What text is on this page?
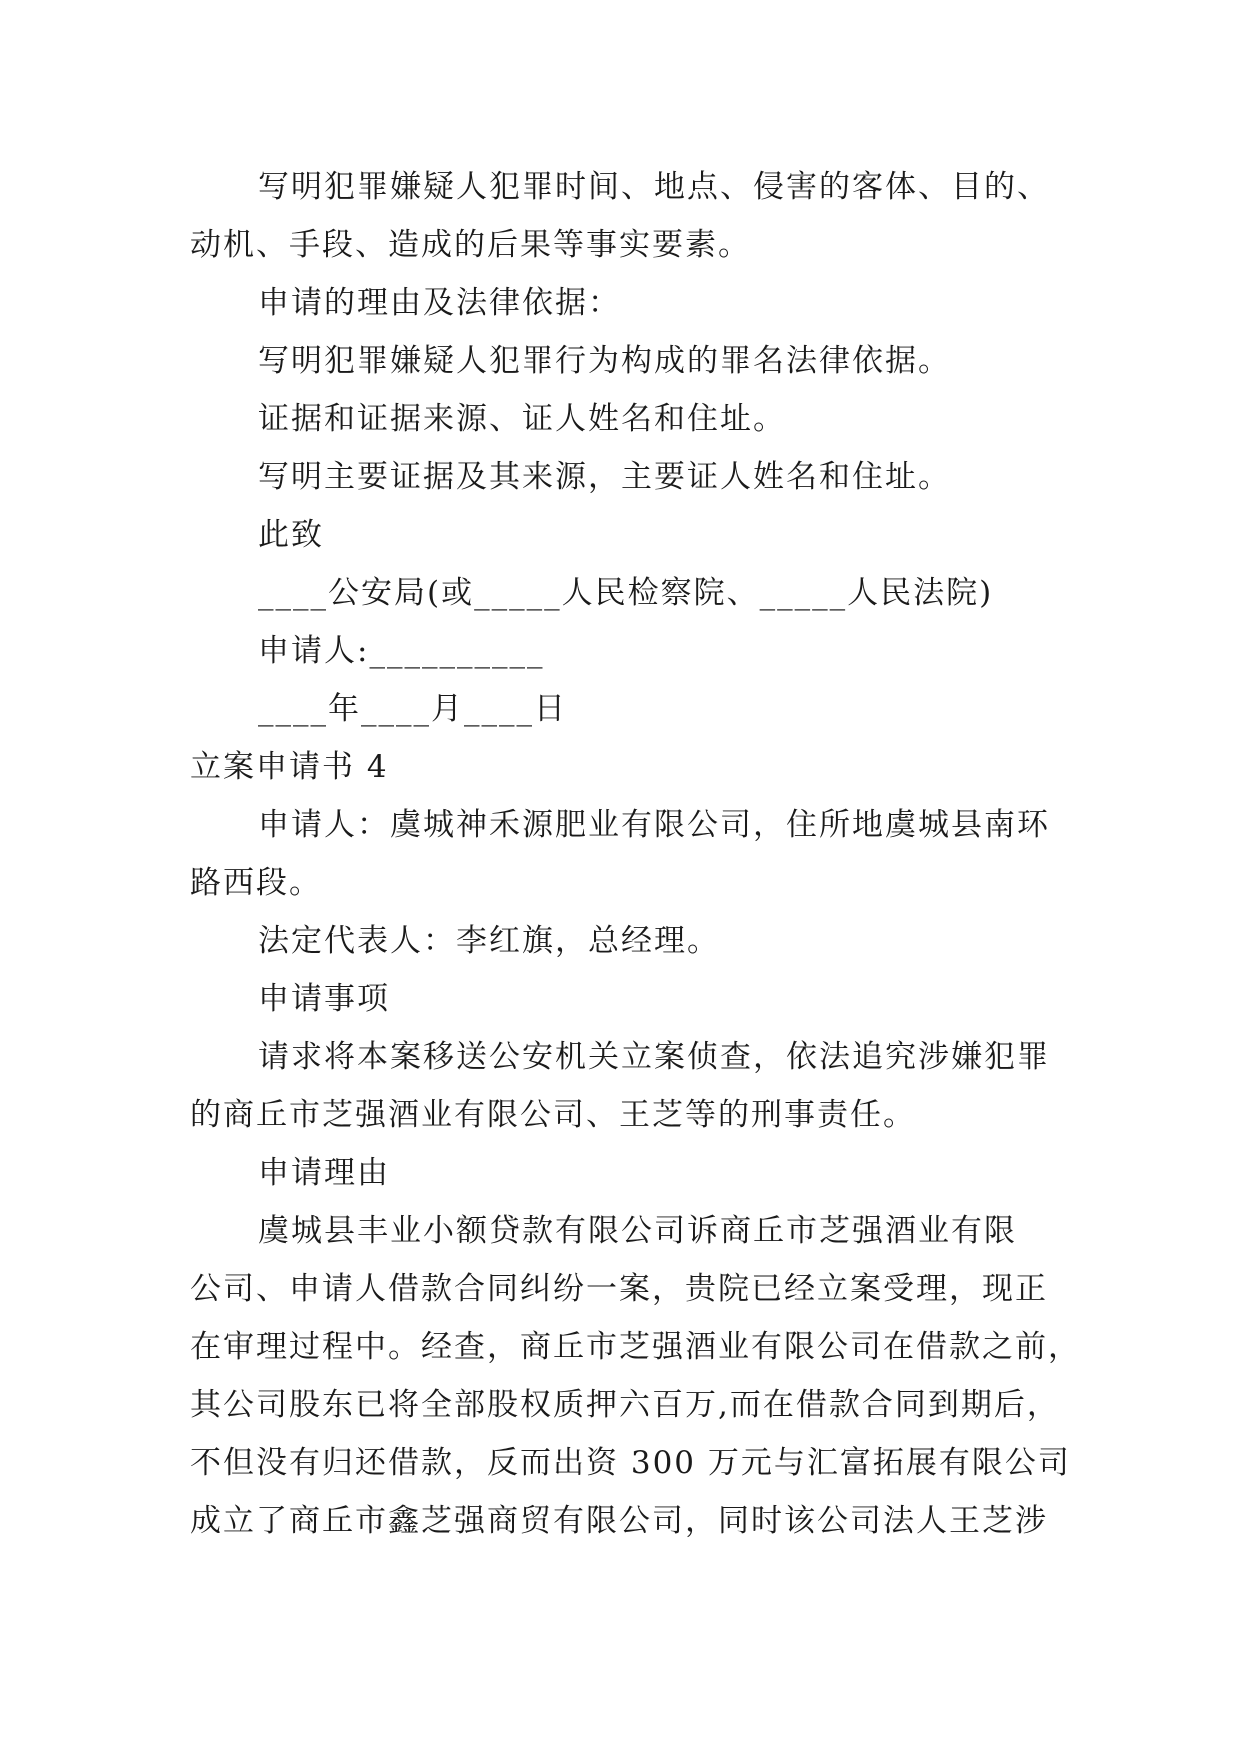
写明犯罪嫌疑人犯罪时间、地点、侵害的客体、目的、
动机、手段、造成的后果等事实要素。
申请的理由及法律依据：
写明犯罪嫌疑人犯罪行为构成的罪名法律依据。
证据和证据来源、证人姓名和住址。
写明主要证据及其来源，主要证人姓名和住址。
此致
____公安局(或_____人民检察院、_____人民法院)
申请人:__________
____年____月____日
立案申请书 4
申请人：虞城神禾源肥业有限公司，住所地虞城县南环
路西段。
法定代表人：李红旗，总经理。
申请事项
请求将本案移送公安机关立案侦查，依法追究涉嫌犯罪
的商丘市芝强酒业有限公司、王芝等的刑事责任。
申请理由
虞城县丰业小额贷款有限公司诉商丘市芝强酒业有限
公司、申请人借款合同纠纷一案，贵院已经立案受理，现正
在审理过程中。经查，商丘市芝强酒业有限公司在借款之前，
其公司股东已将全部股权质押六百万,而在借款合同到期后，
不但没有归还借款，反而出资 300 万元与汇富拓展有限公司
成立了商丘市鑫芝强商贸有限公司，同时该公司法人王芝涉
